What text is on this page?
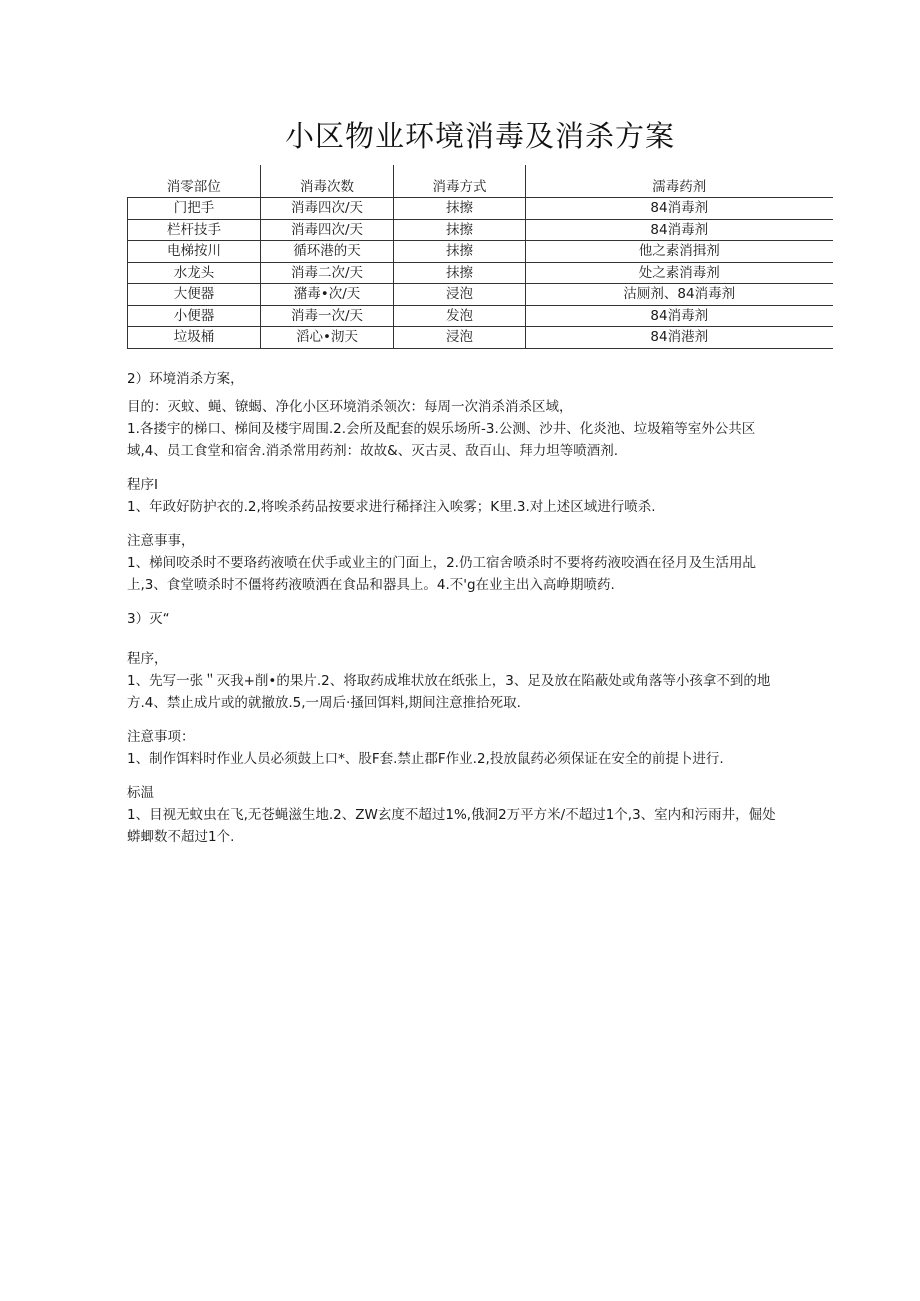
小区物业环境消毒及消杀方案
消零部位	消毒次数	消毒方式	濡毒药剂
门把手	消毒四次/天	抹擦	84消毒剂
栏杆技手	消毒四次/天	抹擦	84消毒剂
电梯按川	循环港的天	抹擦	他之素消揖剂
水龙头	消毒二次/天	抹擦	处之素消毒剂
大便器	潴毒•次/天	浸泡	沽厕剂、84消毒剂
小便器	消毒一次/天	发泡	84消毒剂
垃圾桶	滔心•沏天	浸泡	84消港剂

2）环境消杀方案，

目的：灭蚊、蝇、镣蝎、净化小区环境消杀领次：每周一次消杀消杀区域，

1.各搂宇的梯口、梯间及楼宇周围.2.会所及配套的娱乐场所-3.公测、沙井、化炎池、垃圾箱等室外公共区

域,4、员工食堂和宿舍.消杀常用药剂：故故&、灭古灵、敌百山、拜力坦等喷酒剂.

程序I

1、年政好防护衣的.2,将唉杀药品按要求进行稀择注入唉雾；K里.3.对上述区域进行喷杀.

注意事事，

1、梯间咬杀时不要珞药液喷在伏手或业主的门面上，2.仍工宿舍喷杀时不要将药液咬酒在径月及生活用乩

上,3、食堂喷杀时不僵将药液喷洒在食品和器具上。4.不'g在业主出入高峥期喷药.

3）灭“

程序，

1、先写一张＂灭我+削•的果片.2、将取药成堆状放在纸张上，3、足及放在陷蔽处或角落等小孩拿不到的地

方.4、禁止成片或的就撤放.5,一周后·搔回饵料,期间注意推拾死取.

注意事项：

1、制作饵料时作业人员必须鼓上口*、股F套.禁止郡F作业.2,投放鼠药必须保证在安全的前提卜进行.

标温

1、目视无蚊虫在飞,无苍蝇滋生地.2、ZW玄度不超过1%,俄洞2万平方米/不超过1个,3、室内和污雨井，倔处

蟒蝍数不超过1个.
